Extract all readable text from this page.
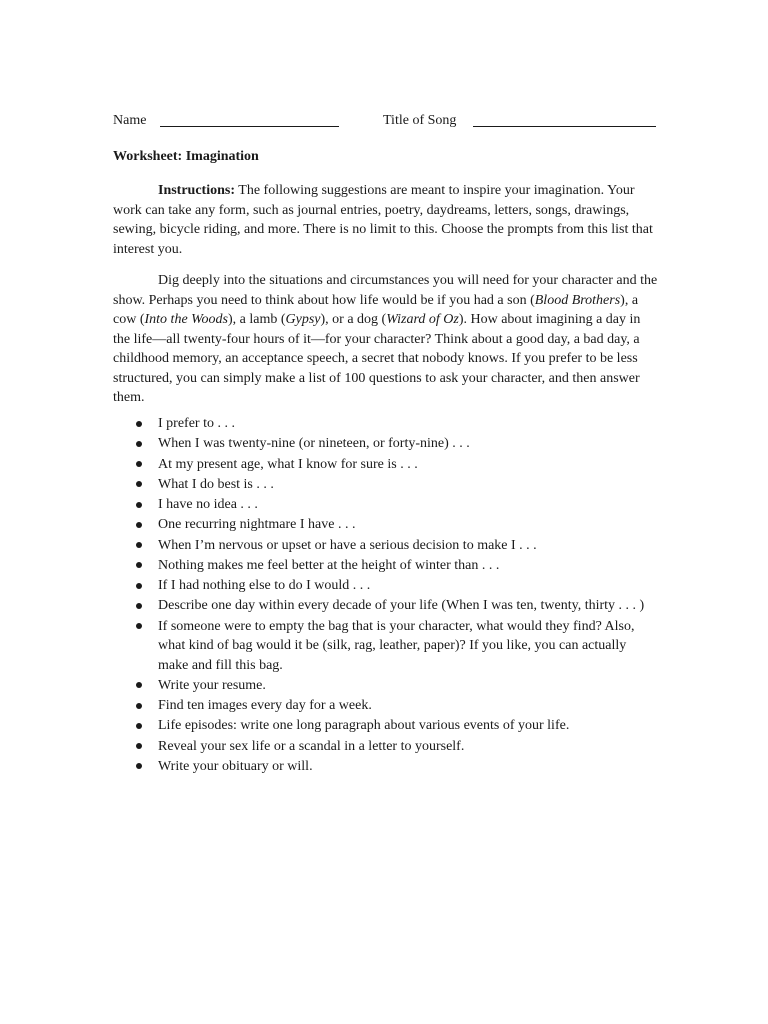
Name	Title of Song
Worksheet: Imagination

Instructions: The following suggestions are meant to inspire your imagination. Your work can take any form, such as journal entries, poetry, daydreams, letters, songs, drawings, sewing, bicycle riding, and more. There is no limit to this. Choose the prompts from this list that interest you.

Dig deeply into the situations and circumstances you will need for your character and the show. Perhaps you need to think about how life would be if you had a son (Blood Brothers), a cow (Into the Woods), a lamb (Gypsy), or a dog (Wizard of Oz). How about imagining a day in the life—all twenty-four hours of it—for your character? Think about a good day, a bad day, a childhood memory, an acceptance speech, a secret that nobody knows. If you prefer to be less structured, you can simply make a list of 100 questions to ask your character, and then answer them.

I prefer to . . .
When I was twenty-nine (or nineteen, or forty-nine) . . .
At my present age, what I know for sure is . . .
What I do best is . . .
I have no idea . . .
One recurring nightmare I have . . .
When I’m nervous or upset or have a serious decision to make I . . .
Nothing makes me feel better at the height of winter than . . .
If I had nothing else to do I would . . .
Describe one day within every decade of your life (When I was ten, twenty, thirty . . . )
If someone were to empty the bag that is your character, what would they find? Also, what kind of bag would it be (silk, rag, leather, paper)? If you like, you can actually make and fill this bag.
Write your resume.
Find ten images every day for a week.
Life episodes: write one long paragraph about various events of your life.
Reveal your sex life or a scandal in a letter to yourself.
Write your obituary or will.
